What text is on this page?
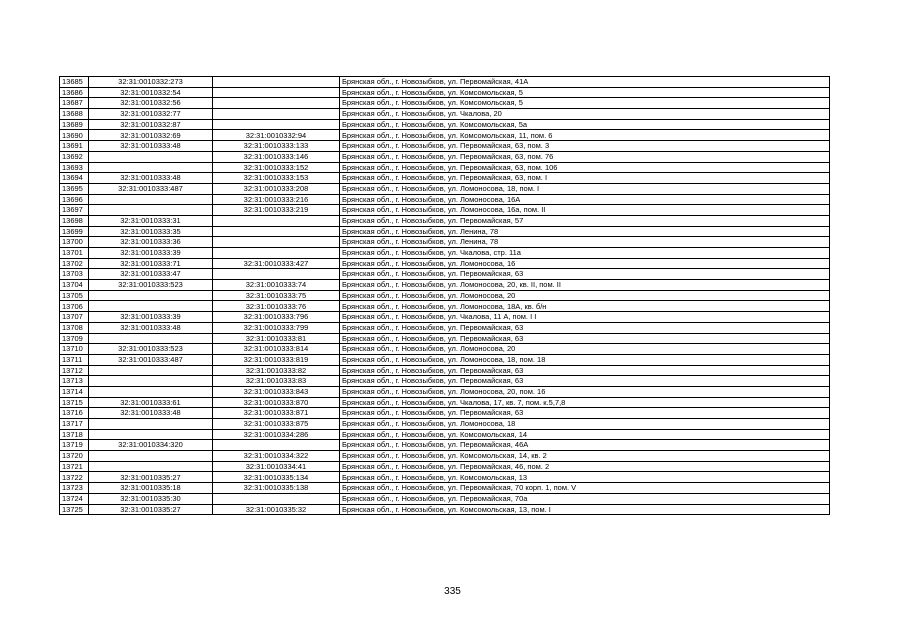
13685	32:31:0010332:273		Брянская обл., г. Новозыбков, ул. Первомайская, 41А
13686	32:31:0010332:54		Брянская обл., г. Новозыбков, ул. Комсомольская, 5
13687	32:31:0010332:56		Брянская обл., г. Новозыбков, ул. Комсомольская, 5
13688	32:31:0010332:77		Брянская обл., г. Новозыбков, ул. Чкалова, 20
13689	32:31:0010332:87		Брянская обл., г. Новозыбков, ул. Комсомольская, 5а
13690	32:31:0010332:69	32:31:0010332:94	Брянская обл., г. Новозыбков, ул. Комсомольская, 11, пом. 6
13691	32:31:0010333:48	32:31:0010333:133	Брянская обл., г. Новозыбков, ул. Первомайская, 63, пом. 3
13692		32:31:0010333:146	Брянская обл., г. Новозыбков, ул. Первомайская, 63, пом. 76
13693		32:31:0010333:152	Брянская обл., г. Новозыбков, ул. Первомайская, 63, пом. 106
13694	32:31:0010333:48	32:31:0010333:153	Брянская обл., г. Новозыбков, ул. Первомайская, 63, пом. I
13695	32:31:0010333:487	32:31:0010333:208	Брянская обл., г. Новозыбков, ул. Ломоносова, 18, пом. I
13696		32:31:0010333:216	Брянская обл., г. Новозыбков, ул. Ломоносова, 16А
13697		32:31:0010333:219	Брянская обл., г. Новозыбков, ул. Ломоносова, 16а, пом. II
13698	32:31:0010333:31		Брянская обл., г. Новозыбков, ул. Первомайская, 57
13699	32:31:0010333:35		Брянская обл., г. Новозыбков, ул. Ленина, 78
13700	32:31:0010333:36		Брянская обл., г. Новозыбков, ул. Ленина, 78
13701	32:31:0010333:39		Брянская обл., г. Новозыбков, ул. Чкалова, стр. 11а
13702	32:31:0010333:71	32:31:0010333:427	Брянская обл., г. Новозыбков, ул. Ломоносова, 16
13703	32:31:0010333:47		Брянская обл., г. Новозыбков, ул. Первомайская, 63
13704	32:31:0010333:523	32:31:0010333:74	Брянская обл., г. Новозыбков, ул. Ломоносова, 20, кв. II, пом. II
13705		32:31:0010333:75	Брянская обл., г. Новозыбков, ул. Ломоносова, 20
13706		32:31:0010333:76	Брянская обл., г. Новозыбков, ул. Ломоносова, 18А, кв. б/н
13707	32:31:0010333:39	32:31:0010333:796	Брянская обл., г. Новозыбков, ул. Чкалова, 11 А, пом. I I
13708	32:31:0010333:48	32:31:0010333:799	Брянская обл., г. Новозыбков, ул. Первомайская, 63
13709		32:31:0010333:81	Брянская обл., г. Новозыбков, ул. Первомайская, 63
13710	32:31:0010333:523	32:31:0010333:814	Брянская обл., г. Новозыбков, ул. Ломоносова, 20
13711	32:31:0010333:487	32:31:0010333:819	Брянская обл., г. Новозыбков, ул. Ломоносова, 18, пом. 18
13712		32:31:0010333:82	Брянская обл., г. Новозыбков, ул. Первомайская, 63
13713		32:31:0010333:83	Брянская обл., г. Новозыбков, ул. Первомайская, 63
13714		32:31:0010333:843	Брянская обл., г. Новозыбков, ул. Ломоносова, 20, пом. 16
13715	32:31:0010333:61	32:31:0010333:870	Брянская обл., г. Новозыбков, ул. Чкалова, 17, кв. 7, пом. к.5,7,8
13716	32:31:0010333:48	32:31:0010333:871	Брянская обл., г. Новозыбков, ул. Первомайская, 63
13717		32:31:0010333:875	Брянская обл., г. Новозыбков, ул. Ломоносова, 18
13718		32:31:0010334:286	Брянская обл., г. Новозыбков, ул. Комсомольская, 14
13719	32:31:0010334:320		Брянская обл., г. Новозыбков, ул. Первомайская, 46А
13720		32:31:0010334:322	Брянская обл., г. Новозыбков, ул. Комсомольская, 14, кв. 2
13721		32:31:0010334:41	Брянская обл., г. Новозыбков, ул. Первомайская, 46, пом. 2
13722	32:31:0010335:27	32:31:0010335:134	Брянская обл., г. Новозыбков, ул. Комсомольская, 13
13723	32:31:0010335:18	32:31:0010335:138	Брянская обл., г. Новозыбков, ул. Первомайская, 70 корп. 1, пом. V
13724	32:31:0010335:30		Брянская обл., г. Новозыбков, ул. Первомайская, 70а
13725	32:31:0010335:27	32:31:0010335:32	Брянская обл., г. Новозыбков, ул. Комсомольская, 13, пом. I
335
